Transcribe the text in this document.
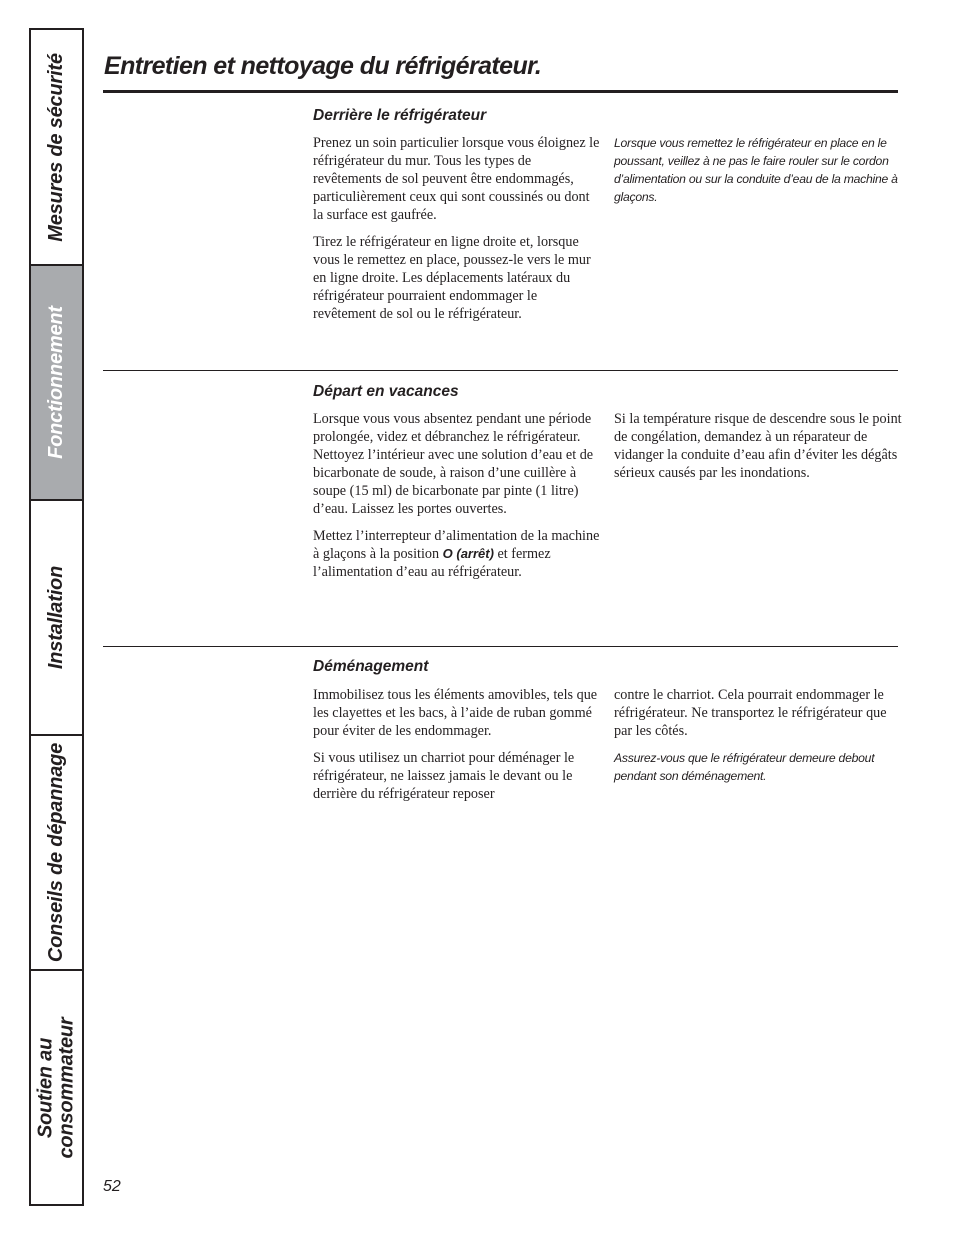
Mesures de sécurité
Fonctionnement
Installation
Conseils de dépannage
Soutien au consommateur
Entretien et nettoyage du réfrigérateur.
Derrière le réfrigérateur

Prenez un soin particulier lorsque vous éloignez le réfrigérateur du mur. Tous les types de revêtements de sol peuvent être endommagés, particulièrement ceux qui sont coussinés ou dont la surface est gaufrée.

Tirez le réfrigérateur en ligne droite et, lorsque vous le remettez en place, poussez-le vers le mur en ligne droite. Les déplacements latéraux du réfrigérateur pourraient endommager le revêtement de sol ou le réfrigérateur.

Lorsque vous remettez le réfrigérateur en place en le poussant, veillez à ne pas le faire rouler sur le cordon d’alimentation ou sur la conduite d’eau de la machine à glaçons.

Départ en vacances

Lorsque vous vous absentez pendant une période prolongée, videz et débranchez le réfrigérateur. Nettoyez l’intérieur avec une solution d’eau et de bicarbonate de soude, à raison d’une cuillère à soupe (15 ml) de bicarbonate par pinte (1 litre) d’eau. Laissez les portes ouvertes.

Mettez l’interrepteur d’alimentation de la machine à glaçons à la position O (arrêt) et fermez l’alimentation d’eau au réfrigérateur.

Si la température risque de descendre sous le point de congélation, demandez à un réparateur de vidanger la conduite d’eau afin d’éviter les dégâts sérieux causés par les inondations.

Déménagement

Immobilisez tous les éléments amovibles, tels que les clayettes et les bacs, à l’aide de ruban gommé pour éviter de les endommager.

Si vous utilisez un charriot pour déménager le réfrigérateur, ne laissez jamais le devant ou le derrière du réfrigérateur reposer

contre le charriot. Cela pourrait endommager le réfrigérateur. Ne transportez le réfrigérateur que par les côtés.

Assurez-vous que le réfrigérateur demeure debout pendant son déménagement.

52
